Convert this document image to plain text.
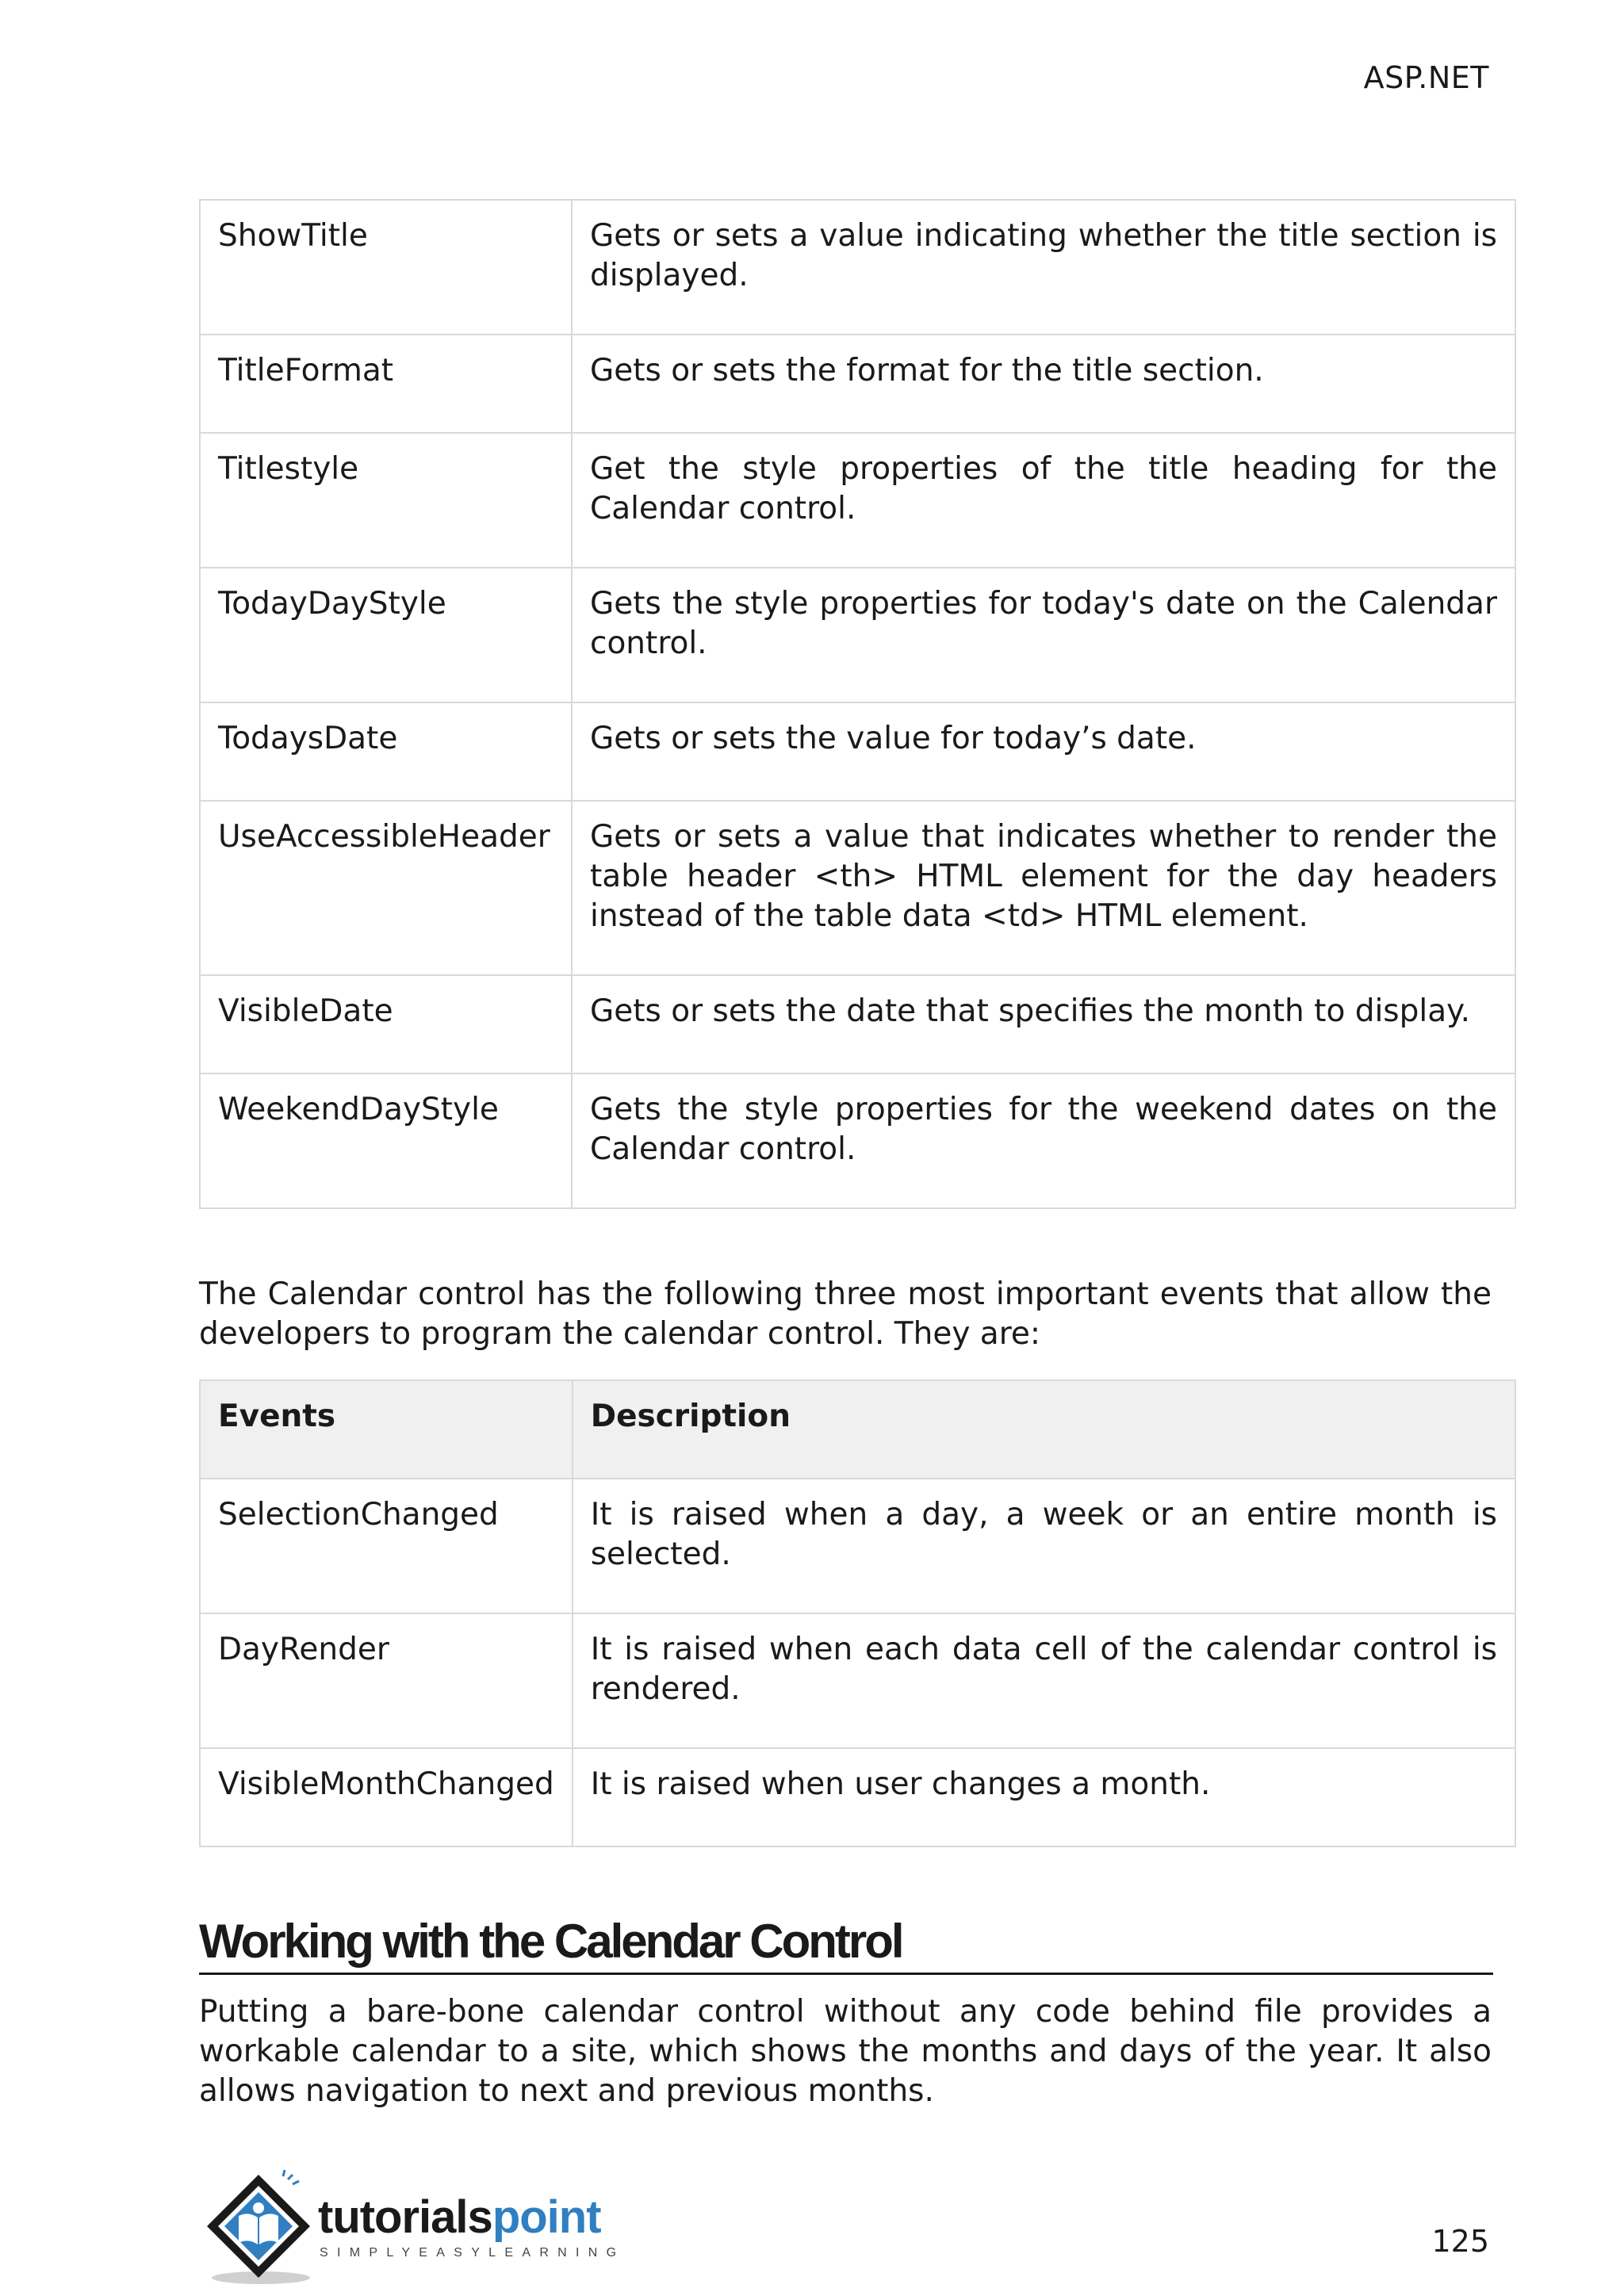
ASP.NET
ShowTitle	Gets or sets a value indicating whether the title section is displayed.
TitleFormat	Gets or sets the format for the title section.
Titlestyle	Get the style properties of the title heading for the Calendar control.
TodayDayStyle	Gets the style properties for today's date on the Calendar control.
TodaysDate	Gets or sets the value for today’s date.
UseAccessibleHeader	Gets or sets a value that indicates whether to render the table header <th> HTML element for the day headers instead of the table data <td> HTML element.
VisibleDate	Gets or sets the date that specifies the month to display.
WeekendDayStyle	Gets the style properties for the weekend dates on the Calendar control.

The Calendar control has the following three most important events that allow the developers to program the calendar control. They are:

Events	Description
SelectionChanged	It is raised when a day, a week or an entire month is selected.
DayRender	It is raised when each data cell of the calendar control is rendered.
VisibleMonthChanged	It is raised when user changes a month.
Working with the Calendar Control

Putting a bare-bone calendar control without any code behind file provides a workable calendar to a site, which shows the months and days of the year. It also allows navigation to next and previous months.

tutorialspoint
SIMPLYEASYLEARNING	125
